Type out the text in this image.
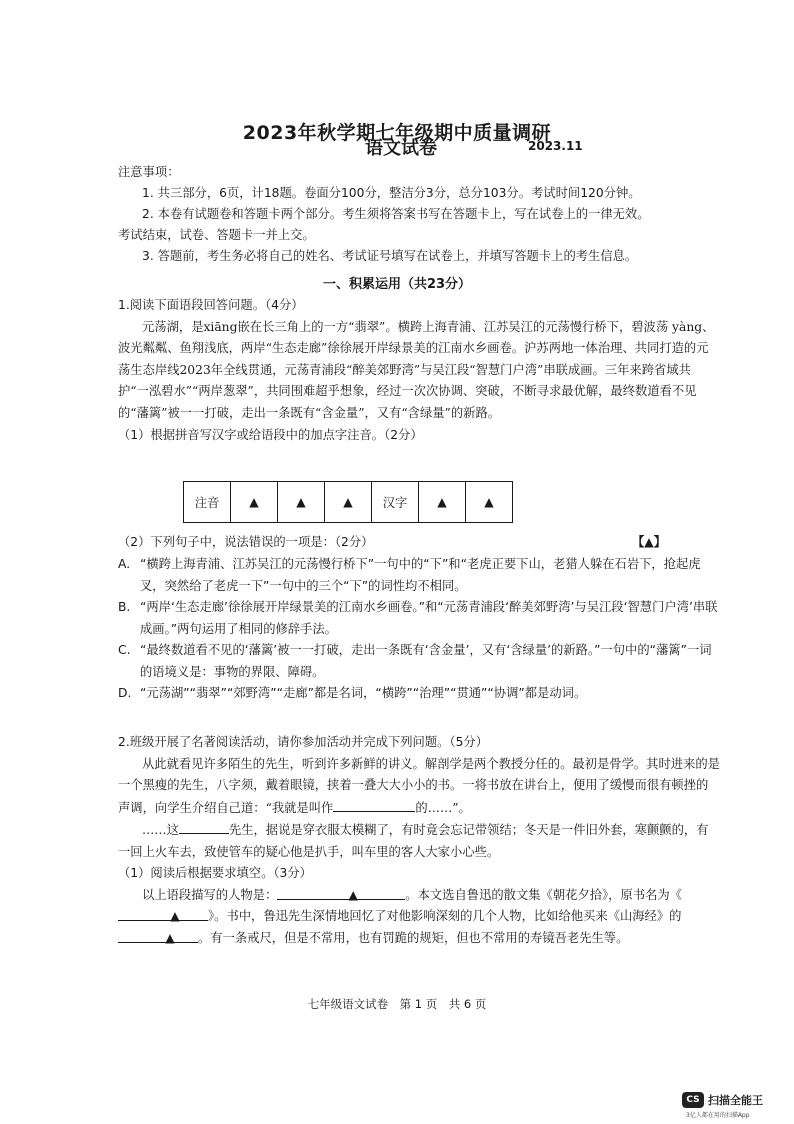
2023年秋学期七年级期中质量调研
语文试卷	2023.11

注意事项：

1. 共三部分，6页，计18题。卷面分100分，整洁分3分，总分103分。考试时间120分钟。

2. 本卷有试题卷和答题卡两个部分。考生须将答案书写在答题卡上，写在试卷上的一律无效。

考试结束，试卷、答题卡一并上交。

3. 答题前，考生务必将自己的姓名、考试证号填写在试卷上，并填写答题卡上的考生信息。

一、积累运用（共23分）

1.阅读下面语段回答问题。（4分）

元荡湖，是xiāng嵌在长三角上的一方“翡翠”。横跨上海青浦、江苏吴江的元荡慢行桥下，碧波荡 yàng、波光粼粼、鱼翔浅底，两岸“生态走廊”徐徐展开岸绿景美的江南水乡画卷。沪苏两地一体治理、共同打造的元荡生态岸线2023年全线贯通，元荡青浦段“醉美郊野湾”与吴江段“智慧门户湾”串联成画。三年来跨省域共护“一泓碧水”“两岸葱翠”，共同围难超乎想象，经过一次次协调、突破，不断寻求最优解，最终数道看不见的“藩篱”被一一打破，走出一条既有“含金量”，又有“含绿量”的新路。

（1）根据拼音写汉字或给语段中的加点字注音。（2分）

注音	▲	▲	▲	汉字	▲	▲
（2）下列句子中，说法错误的一项是：（2分）	【▲】
A. “横跨上海青浦、江苏吴江的元荡慢行桥下”一句中的“下”和“老虎正要下山，老猎人躲在石岩下，抢起虎叉，突然给了老虎一下”一句中的三个“下”的词性均不相同。
B. “两岸‘生态走廊’徐徐展开岸绿景美的江南水乡画卷。”和“元荡青浦段‘醉美郊野湾’与吴江段‘智慧门户湾’串联成画。”两句运用了相同的修辞手法。
C. “最终数道看不见的‘藩篱’被一一打破，走出一条既有‘含金量’，又有‘含绿量’的新路。”一句中的“藩篱”一词的语境义是：事物的界限、障碍。
D. “元荡湖”“翡翠”“郊野湾”“走廊”都是名词，“横跨”“治理”“贯通”“协调”都是动词。

2.班级开展了名著阅读活动，请你参加活动并完成下列问题。（5分）

从此就看见许多陌生的先生，听到许多新鲜的讲义。解剖学是两个教授分任的。最初是骨学。其时进来的是一个黑瘦的先生，八字须，戴着眼镜，挟着一叠大大小小的书。一将书放在讲台上，便用了缓慢而很有顿挫的声调，向学生介绍自己道：“我就是叫作	的……”。

……这	先生，据说是穿衣服太模糊了，有时竟会忘记带领结；冬天是一件旧外套，寒颤颤的，有一回上火车去，致使管车的疑心他是扒手，叫车里的客人大家小心些。

（1）阅读后根据要求填空。（3分）

以上语段描写的人物是：	▲	。本文选自鲁迅的散文集《朝花夕拾》，原书名为《▲ 》。书中，鲁迅先生深情地回忆了对他影响深刻的几个人物，比如给他买来《山海经》的▲ 。有一条戒尺，但是不常用，也有罚跪的规矩，但也不常用的寿镜吾老先生等。

七年级语文试卷　第 1 页　共 6 页
CS 扫描全能王
3亿人都在用的扫描App
